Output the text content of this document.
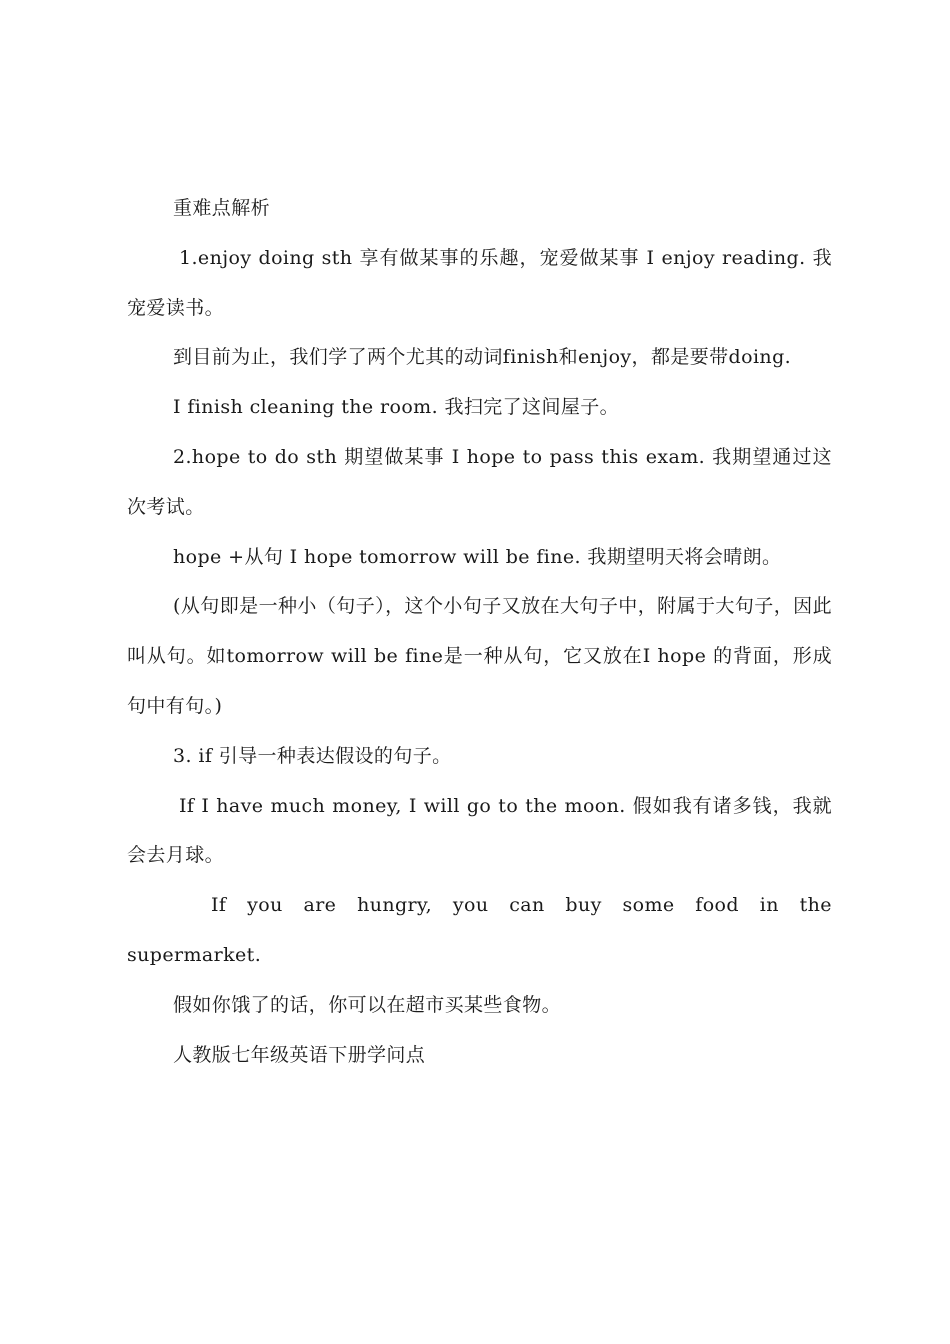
重难点解析

1.enjoy doing sth 享有做某事的乐趣，宠爱做某事 I enjoy reading. 我宠爱读书。

到目前为止，我们学了两个尤其的动词finish和enjoy，都是要带doing.

I finish cleaning the room. 我扫完了这间屋子。

2.hope to do sth 期望做某事 I hope to pass this exam. 我期望通过这次考试。

hope +从句 I hope tomorrow will be fine. 我期望明天将会晴朗。

(从句即是一种小（句子），这个小句子又放在大句子中，附属于大句子，因此叫从句。如tomorrow will be fine是一种从句，它又放在I hope 的背面，形成句中有句。)

3. if 引导一种表达假设的句子。

If I have much money, I will go to the moon. 假如我有诸多钱，我就会去月球。

If you are hungry, you can buy some food in the

supermarket.

假如你饿了的话，你可以在超市买某些食物。

人教版七年级英语下册学问点
